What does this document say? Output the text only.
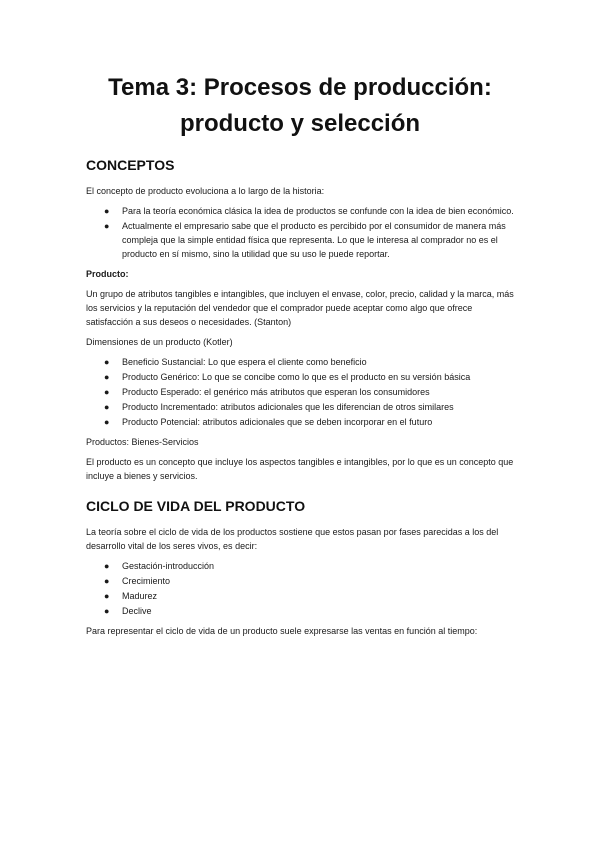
Tema 3: Procesos de producción:
producto y selección
CONCEPTOS

El concepto de producto evoluciona a lo largo de la historia:

● Para la teoría económica clásica la idea de productos se confunde con la idea de bien económico.
● Actualmente el empresario sabe que el producto es percibido por el consumidor de manera más compleja que la simple entidad física que representa. Lo que le interesa al comprador no es el producto en sí mismo, sino la utilidad que su uso le puede reportar.

Producto:

Un grupo de atributos tangibles e intangibles, que incluyen el envase, color, precio, calidad y la marca, más los servicios y la reputación del vendedor que el comprador puede aceptar como algo que ofrece satisfacción a sus deseos o necesidades. (Stanton)

Dimensiones de un producto (Kotler)

● Beneficio Sustancial: Lo que espera el cliente como beneficio
● Producto Genérico: Lo que se concibe como lo que es el producto en su versión básica
● Producto Esperado: el genérico más atributos que esperan los consumidores
● Producto Incrementado: atributos adicionales que les diferencian de otros similares
● Producto Potencial: atributos adicionales que se deben incorporar en el futuro

Productos: Bienes-Servicios

El producto es un concepto que incluye los aspectos tangibles e intangibles, por lo que es un concepto que incluye a bienes y servicios.

CICLO DE VIDA DEL PRODUCTO

La teoría sobre el ciclo de vida de los productos sostiene que estos pasan por fases parecidas a los del desarrollo vital de los seres vivos, es decir:

● Gestación-introducción
● Crecimiento
● Madurez
● Declive

Para representar el ciclo de vida de un producto suele expresarse las ventas en función al tiempo:
